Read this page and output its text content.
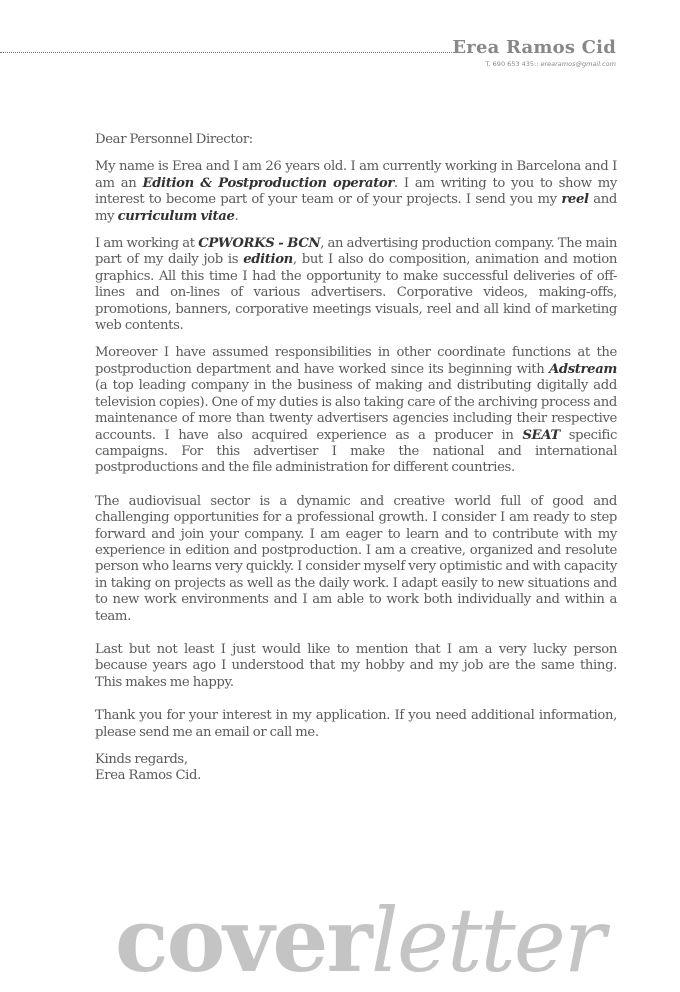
Erea Ramos Cid
T. 690 653 435:: erearamos@gmail.com

Dear Personnel Director:

My name is Erea and I am 26 years old. I am currently working in Barcelona and I am an Edition & Postproduction operator. I am writing to you to show my interest to become part of your team or of your projects. I send you my reel and my curriculum vitae.

I am working at CPWORKS - BCN, an advertising production company. The main part of my daily job is edition, but I also do composition, animation and motion graphics. All this time I had the opportunity to make successful deliveries of off-lines and on-lines of various advertisers. Corporative videos, making-offs, promotions, banners, corporative meetings visuals, reel and all kind of marketing web contents.

Moreover I have assumed responsibilities in other coordinate functions at the postproduction department and have worked since its beginning with Adstream (a top leading company in the business of making and distributing digitally add television copies). One of my duties is also taking care of the archiving process and maintenance of more than twenty advertisers agencies including their respective accounts. I have also acquired experience as a producer in SEAT specific campaigns. For this advertiser I make the national and international postproductions and the file administration for different countries.

The audiovisual sector is a dynamic and creative world full of good and challenging opportunities for a professional growth. I consider I am ready to step forward and join your company. I am eager to learn and to contribute with my experience in edition and postproduction. I am a creative, organized and resolute person who learns very quickly. I consider myself very optimistic and with capacity in taking on projects as well as the daily work. I adapt easily to new situations and to new work environments and I am able to work both individually and within a team.

Last but not least I just would like to mention that I am a very lucky person because years ago I understood that my hobby and my job are the same thing. This makes me happy.

Thank you for your interest in my application. If you need additional information, please send me an email or call me.

Kinds regards,
Erea Ramos Cid.

coverletter
